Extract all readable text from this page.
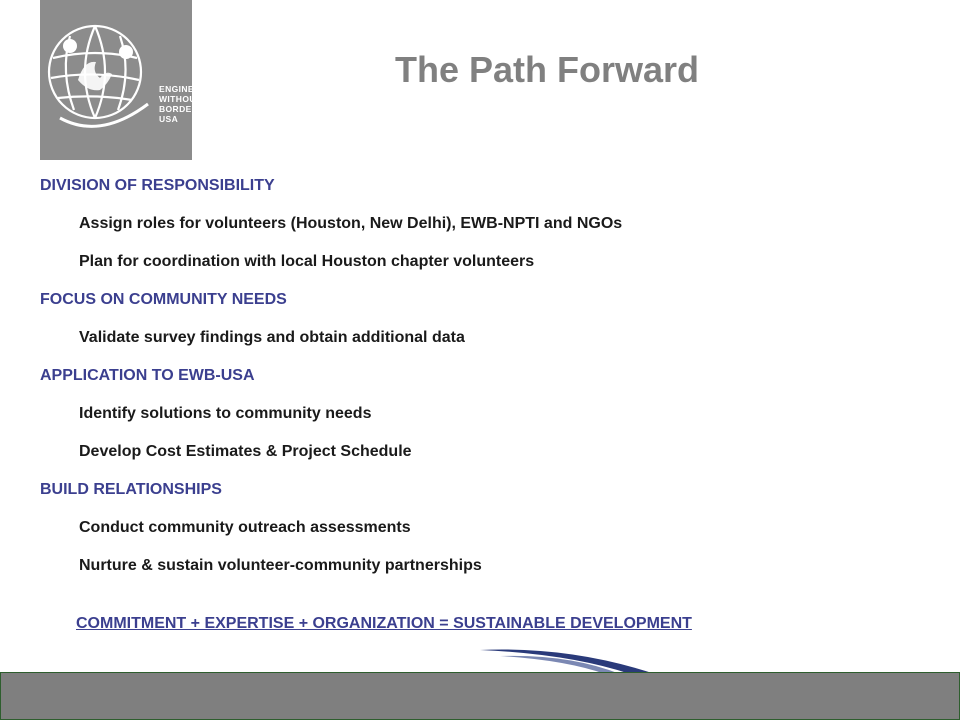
ENGINEERS
WITHOUT
BORDERS
USA
The Path Forward
DIVISION OF RESPONSIBILITY
Assign roles for volunteers (Houston, New Delhi), EWB-NPTI and NGOs
Plan for coordination with local Houston chapter volunteers
FOCUS ON COMMUNITY NEEDS
Validate survey findings and obtain additional data
APPLICATION TO EWB-USA
Identify solutions to community needs
Develop Cost Estimates & Project Schedule
BUILD RELATIONSHIPS
Conduct community outreach assessments
Nurture & sustain volunteer-community partnerships
COMMITMENT + EXPERTISE + ORGANIZATION = SUSTAINABLE DEVELOPMENT
